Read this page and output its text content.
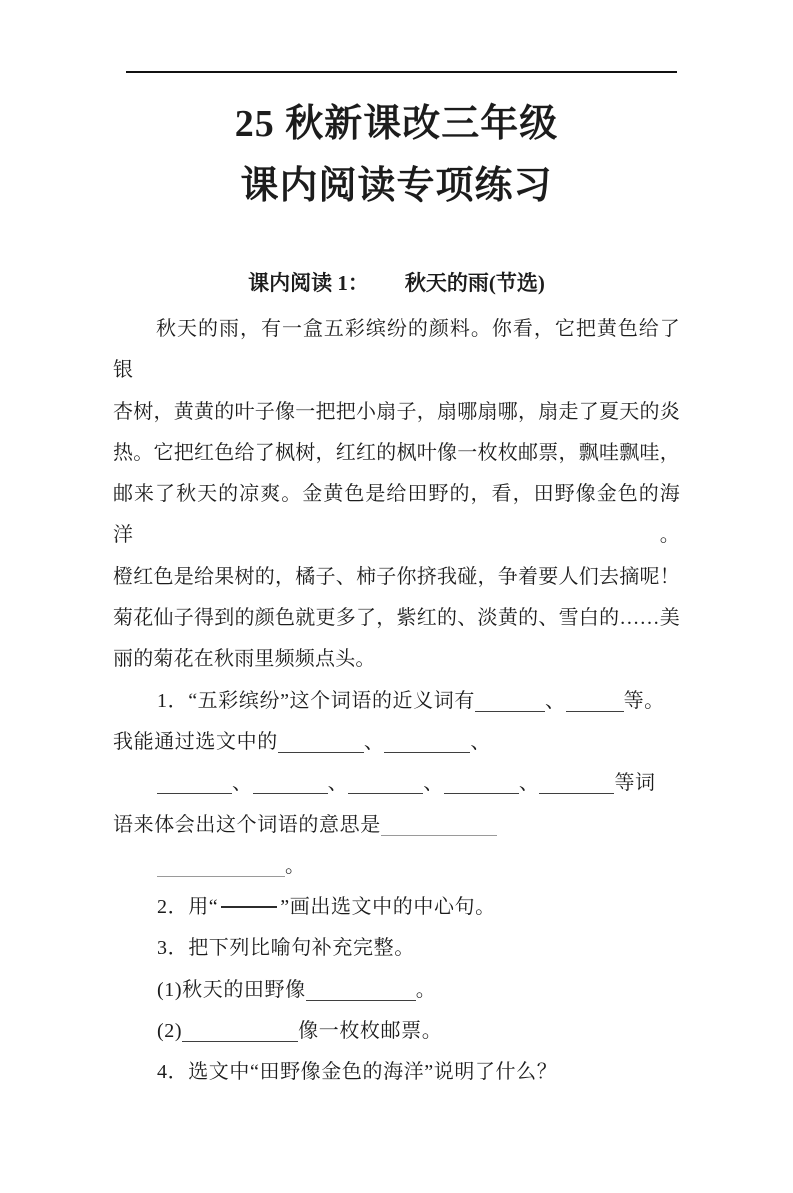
25 秋新课改三年级
课内阅读专项练习
课内阅读 1： 秋天的雨(节选)
秋天的雨，有一盒五彩缤纷的颜料。你看，它把黄色给了银
杏树，黄黄的叶子像一把把小扇子，扇哪扇哪，扇走了夏天的炎
热。它把红色给了枫树，红红的枫叶像一枚枚邮票，飘哇飘哇，
邮来了秋天的凉爽。金黄色是给田野的，看，田野像金色的海洋。
橙红色是给果树的，橘子、柿子你挤我碰，争着要人们去摘呢！
菊花仙子得到的颜色就更多了，紫红的、淡黄的、雪白的……美
丽的菊花在秋雨里频频点头。
1．“五彩缤纷”这个词语的近义词有	、	等。
我能通过选文中的	、	、
、	、	、	、	等词
语来体会出这个词语的意思是
。
2．用“	”画出选文中的中心句。
3．把下列比喻句补充完整。
(1)秋天的田野像	。
(2)	像一枚枚邮票。
4．选文中“田野像金色的海洋”说明了什么？
